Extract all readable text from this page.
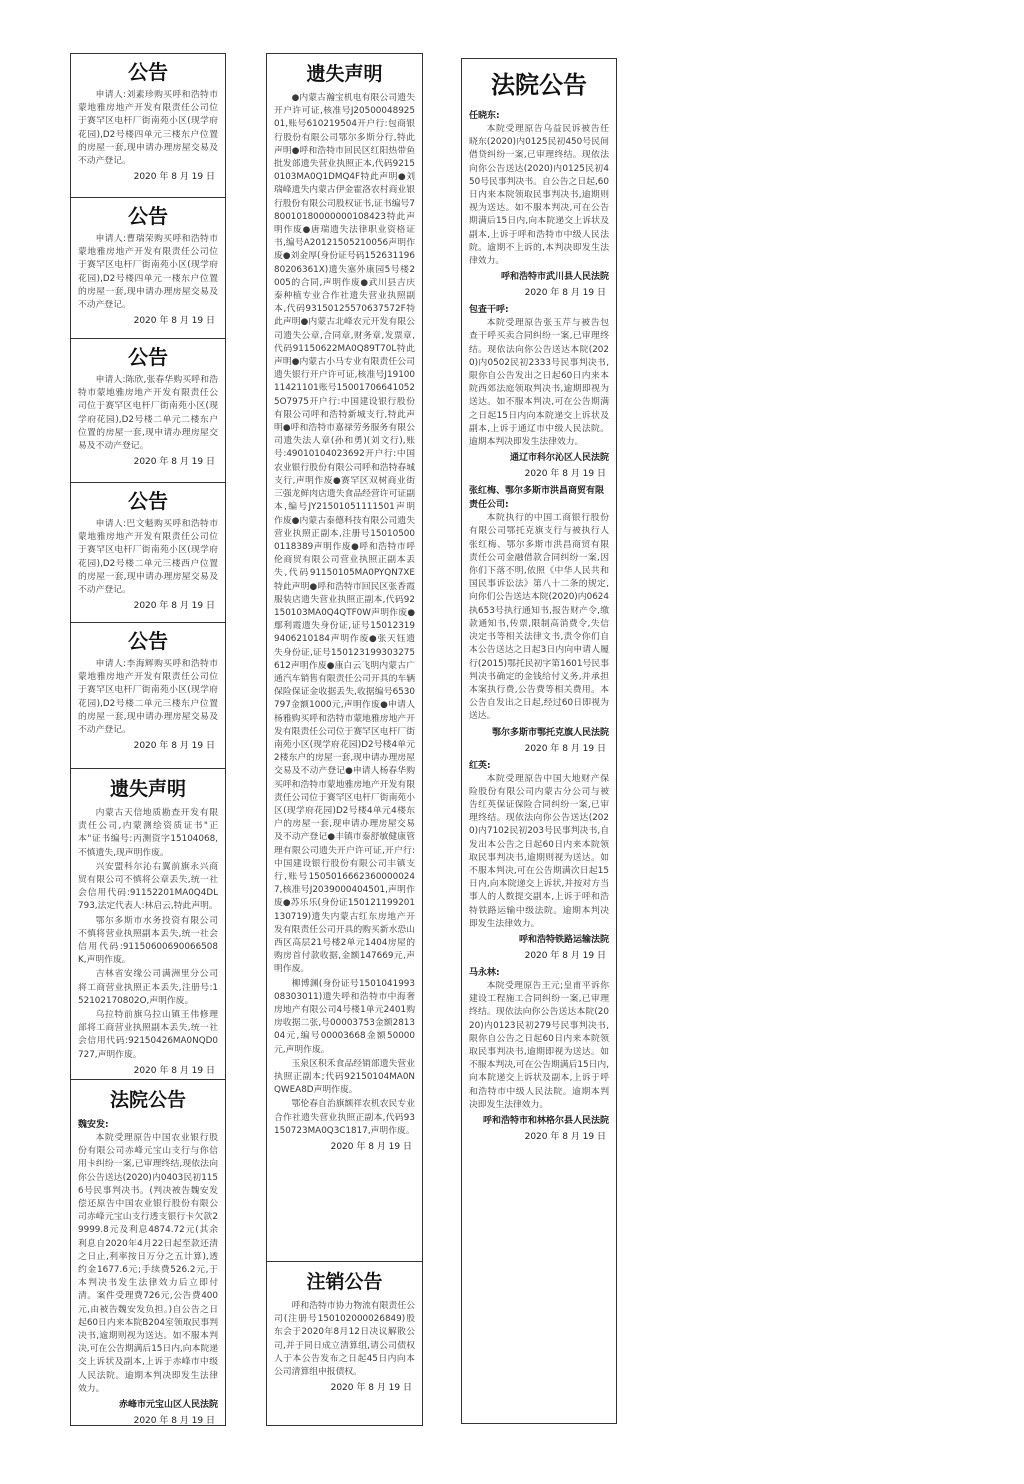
公告

申请人:刘素珍购买呼和浩特市蒙地雅房地产开发有限责任公司位于赛罕区电杆厂街南苑小区(现学府花园),D2号楼四单元三楼东户位置的房屋一套,现申请办理房屋交易及不动产登记。

2020 年 8 月 19 日
公告

申请人:曹瑞荣购买呼和浩特市蒙地雅房地产开发有限责任公司位于赛罕区电杆厂街南苑小区(现学府花园),D2号楼四单元一楼东户位置的房屋一套,现申请办理房屋交易及不动产登记。

2020 年 8 月 19 日
公告

申请人:陈欣,张春华购买呼和浩特市蒙地雅房地产开发有限责任公司位于赛罕区电杆厂街南苑小区(现学府花园),D2号楼二单元二楼东户位置的房屋一套,现申请办理房屋交易及不动产登记。

2020 年 8 月 19 日
公告

申请人:巴文魁购买呼和浩特市蒙地雅房地产开发有限责任公司位于赛罕区电杆厂街南苑小区(现学府花园),D2号楼二单元三楼西户位置的房屋一套,现申请办理房屋交易及不动产登记。

2020 年 8 月 19 日
公告

申请人:李海辉购买呼和浩特市蒙地雅房地产开发有限责任公司位于赛罕区电杆厂街南苑小区(现学府花园),D2号楼二单元三楼东户位置的房屋一套,现申请办理房屋交易及不动产登记。

2020 年 8 月 19 日
遗失声明

内蒙古天信地质勘查开发有限责任公司,内蒙测绘资质证书"正本"证书编号:丙测资字15104068,不慎遗失,现声明作废。

兴安盟科尔沁右翼前旗永兴商贸有限公司不慎将公章丢失,统一社会信用代码:91152201MA0Q4DL793,法定代表人:林启云,特此声明。

鄂尔多斯市水务投资有限公司不慎将营业执照副本丢失,统一社会信用代码:91150600690066508K,声明作废。

吉林省安缘公司满洲里分公司将工商营业执照正本丢失,注册号:152102170802O,声明作废。

乌拉特前旗乌拉山镇王伟修理部将工商营业执照副本丢失,统一社会信用代码:92150426MA0NQD0727,声明作废。

2020 年 8 月 19 日
法院公告
魏安发:

本院受理原告中国农业银行股份有限公司赤峰元宝山支行与你信用卡纠纷一案,已审理终结,现依法向你公告送达(2020)内0403民初1156号民事判决书。(判决被告魏安发偿还原告中国农业银行股份有限公司赤峰元宝山支行透支银行卡欠款29999.8元及利息4874.72元(其余利息自2020年4月22日起至款还清之日止,利率按日万分之五计算),透约金1677.6元;手续费526.2元,于本判决书发生法律效力后立即付清。案件受理费726元,公告费400元,由被告魏安发负担。)自公告之日起60日内来本院B204室领取民事判决书,逾期则视为送达。如不服本判决,可在公告期满后15日内,向本院递交上诉状及副本,上诉于赤峰市中级人民法院。逾期本判决即发生法律效力。

赤峰市元宝山区人民法院
2020 年 8 月 19 日
遗失声明

●内蒙古瀚宝机电有限公司遗失开户许可证,核准号J2050004892501,账号610219504开户行:包商银行股份有限公司鄂尔多斯分行,特此声明●呼和浩特市回民区红阳热带鱼批发部遗失营业执照正本,代码92150103MA0Q1DMQ4F特此声明●刘瑞峰遗失内蒙古伊金霍洛农村商业银行股份有限公司股权证书,证书编号780010180000000108423特此声明作废●唐瑞遗失法律职业资格证书,编号A20121505210056声明作废●刘金厚(身份证号码15263119680206361X)遗失塞外康园5号楼2005的合同,声明作废●武川县吉庆泰种植专业合作社遗失营业执照副本,代码93150125570637572F特此声明●内蒙古北峰农元开发有限公司遗失公章,合同章,财务章,发票章,代码91150622MA0Q89T70L特此声明●内蒙古小马专业有限责任公司遗失银行开户许可证,核准号J1910011421101账号150017066410525O7975开户行:中国建设银行股份有限公司呼和浩特新城支行,特此声明●呼和浩特市嘉禄劳务服务有限公司遗失法人章(孙和勇)(刘文行),账号:49010104023692开户行:中国农业银行股份有限公司呼和浩特春城支行,声明作废●赛罕区双树商业街三强龙鲜肉店遗失食品经营许可证副本,编号JY21501051111501声明作废●内蒙古泰德科技有限公司遗失营业执照正副本,注册号150105000118389声明作废●呼和浩特市呼伦商贸有限公司营业执照正副本丢失,代码91150105MA0PYQN7XE特此声明●呼和浩特市回民区张香霞服装店遗失营业执照正副本,代码92150103MA0Q4QTF0W声明作废●鄢利霞遗失身份证,证号150123199406210184声明作废●张天钰遗失身份证,证号150123199303275612声明作废●康白云飞明内蒙古广通汽车销售有限责任公司开具的车辆保险保证金收据丢失,收据编号6530797金额1000元,声明作废●申请人杨雅购买呼和浩特市蒙地雅房地产开发有限责任公司位于赛罕区电杆厂街南苑小区(现学府花园)D2号楼4单元2楼东户的房屋一套,现申请办理房屋交易及不动产登记●申请人杨春华购买呼和浩特市蒙地雅房地产开发有限责任公司位于赛罕区电杆厂街南苑小区(现学府花园)D2号楼4单元4楼东户的房屋一套,现申请办理房屋交易及不动产登记●丰镇市泰舒敏健康管理有限公司遗失开户许可证,开户行:中国建设银行股份有限公司丰镇支行,账号15050166623600000247,核准号J2039000404501,声明作废●苏乐乐(身份证150121199201130719)遗失内蒙古红东房地产开发有限责任公司开具的购买新水恐山西区高层21号楼2单元1404房屋的购房首付款收据,金额147669元,声明作废。

柳博渊(身份证号150104199308303011)遗失呼和浩特市中海奢房地产有限公司4号楼1单元2401购房收据二张,号00003753金额281304元,编号00003668金额50000元,声明作废。

玉泉区积禾食品经销部遗失营业执照正副本;代码92150104MA0NQWEA8D声明作废。

鄂伦春自治旗额祥农机农民专业合作社遗失营业执照正副本,代码93150723MA0Q3C1817,声明作废。

2020 年 8 月 19 日
注销公告

呼和浩特市协力物流有限责任公司(注册号150102000026849)股东会于2020年8月12日决议解散公司,并于同日成立清算组,请公司债权人于本公告发布之日起45日内向本公司清算组申报债权。

2020 年 8 月 19 日
法院公告
任晓东:

本院受理原告乌益民诉被告任晓东(2020)内0125民初450号民间借贷纠纷一案,已审理终结。现依法向你公告送达(2020)内0125民初450号民事判决书。自公告之日起,60日内来本院领取民事判决书,逾期则视为送达。如不服本判决,可在公告期满后15日内,向本院递交上诉状及副本,上诉于呼和浩特市中级人民法院。逾期不上诉的,本判决即发生法律效力。

呼和浩特市武川县人民法院
2020 年 8 月 19 日
包查干呼:

本院受理原告张玉芹与被告包查干呼买卖合同纠纷一案,已审理终结。现依法向你公告送达本院(2020)内0502民初2333号民事判决书,限你自公告发出之日起60日内来本院西郊法庭领取判决书,逾期即视为送达。如不服本判决,可在公告期满之日起15日内向本院递交上诉状及副本,上诉于通辽市中级人民法院。逾期本判决即发生法律效力。

通辽市科尔沁区人民法院
2020 年 8 月 19 日
张红梅、鄂尔多斯市洪昌商贸有限责任公司:

本院执行的中国工商银行股份有限公司鄂托克旗支行与被执行人张红梅、鄂尔多斯市洪昌商贸有限责任公司金融借款合同纠纷一案,因你们下落不明,依照《中华人民共和国民事诉讼法》第八十二条的规定,向你们公告送达本院(2020)内0624执653号执行通知书,报告财产令,缴款通知书,传票,限制高消费令,失信决定书等相关法律文书,责令你们自本公告送达之日起3日内向申请人履行(2015)鄂托民初字第1601号民事判决书确定的金钱给付义务,并承担本案执行费,公告费等相关费用。本公告自发出之日起,经过60日即视为送达。

鄂尔多斯市鄂托克旗人民法院
2020 年 8 月 19 日
红英:

本院受理原告中国大地财产保险股份有限公司内蒙古分公司与被告红英保证保险合同纠纷一案,已审理终结。现依法向你公告送达(2020)内7102民初203号民事判决书,自发出本公告之日起60日内来本院领取民事判决书,逾期则视为送达。如不服本判决,可在公告期满次日起15日内,向本院递交上诉状,并按对方当事人的人数提交副本,上诉于呼和浩特铁路运输中级法院。逾期本判决即发生法律效力。

呼和浩特铁路运输法院
2020 年 8 月 19 日
马永林:

本院受理原告王元;皇甫平诉你建设工程施工合同纠纷一案,已审理终结。现依法向你公告送达本院(2020)内0123民初279号民事判决书,限你自公告之日起60日内来本院领取民事判决书,逾期即视为送达。如不服本判决,可在公告期满后15日内,向本院递交上诉状及副本,上诉于呼和浩特市中级人民法院。逾期本判决即发生法律效力。

呼和浩特市和林格尔县人民法院
2020 年 8 月 19 日
